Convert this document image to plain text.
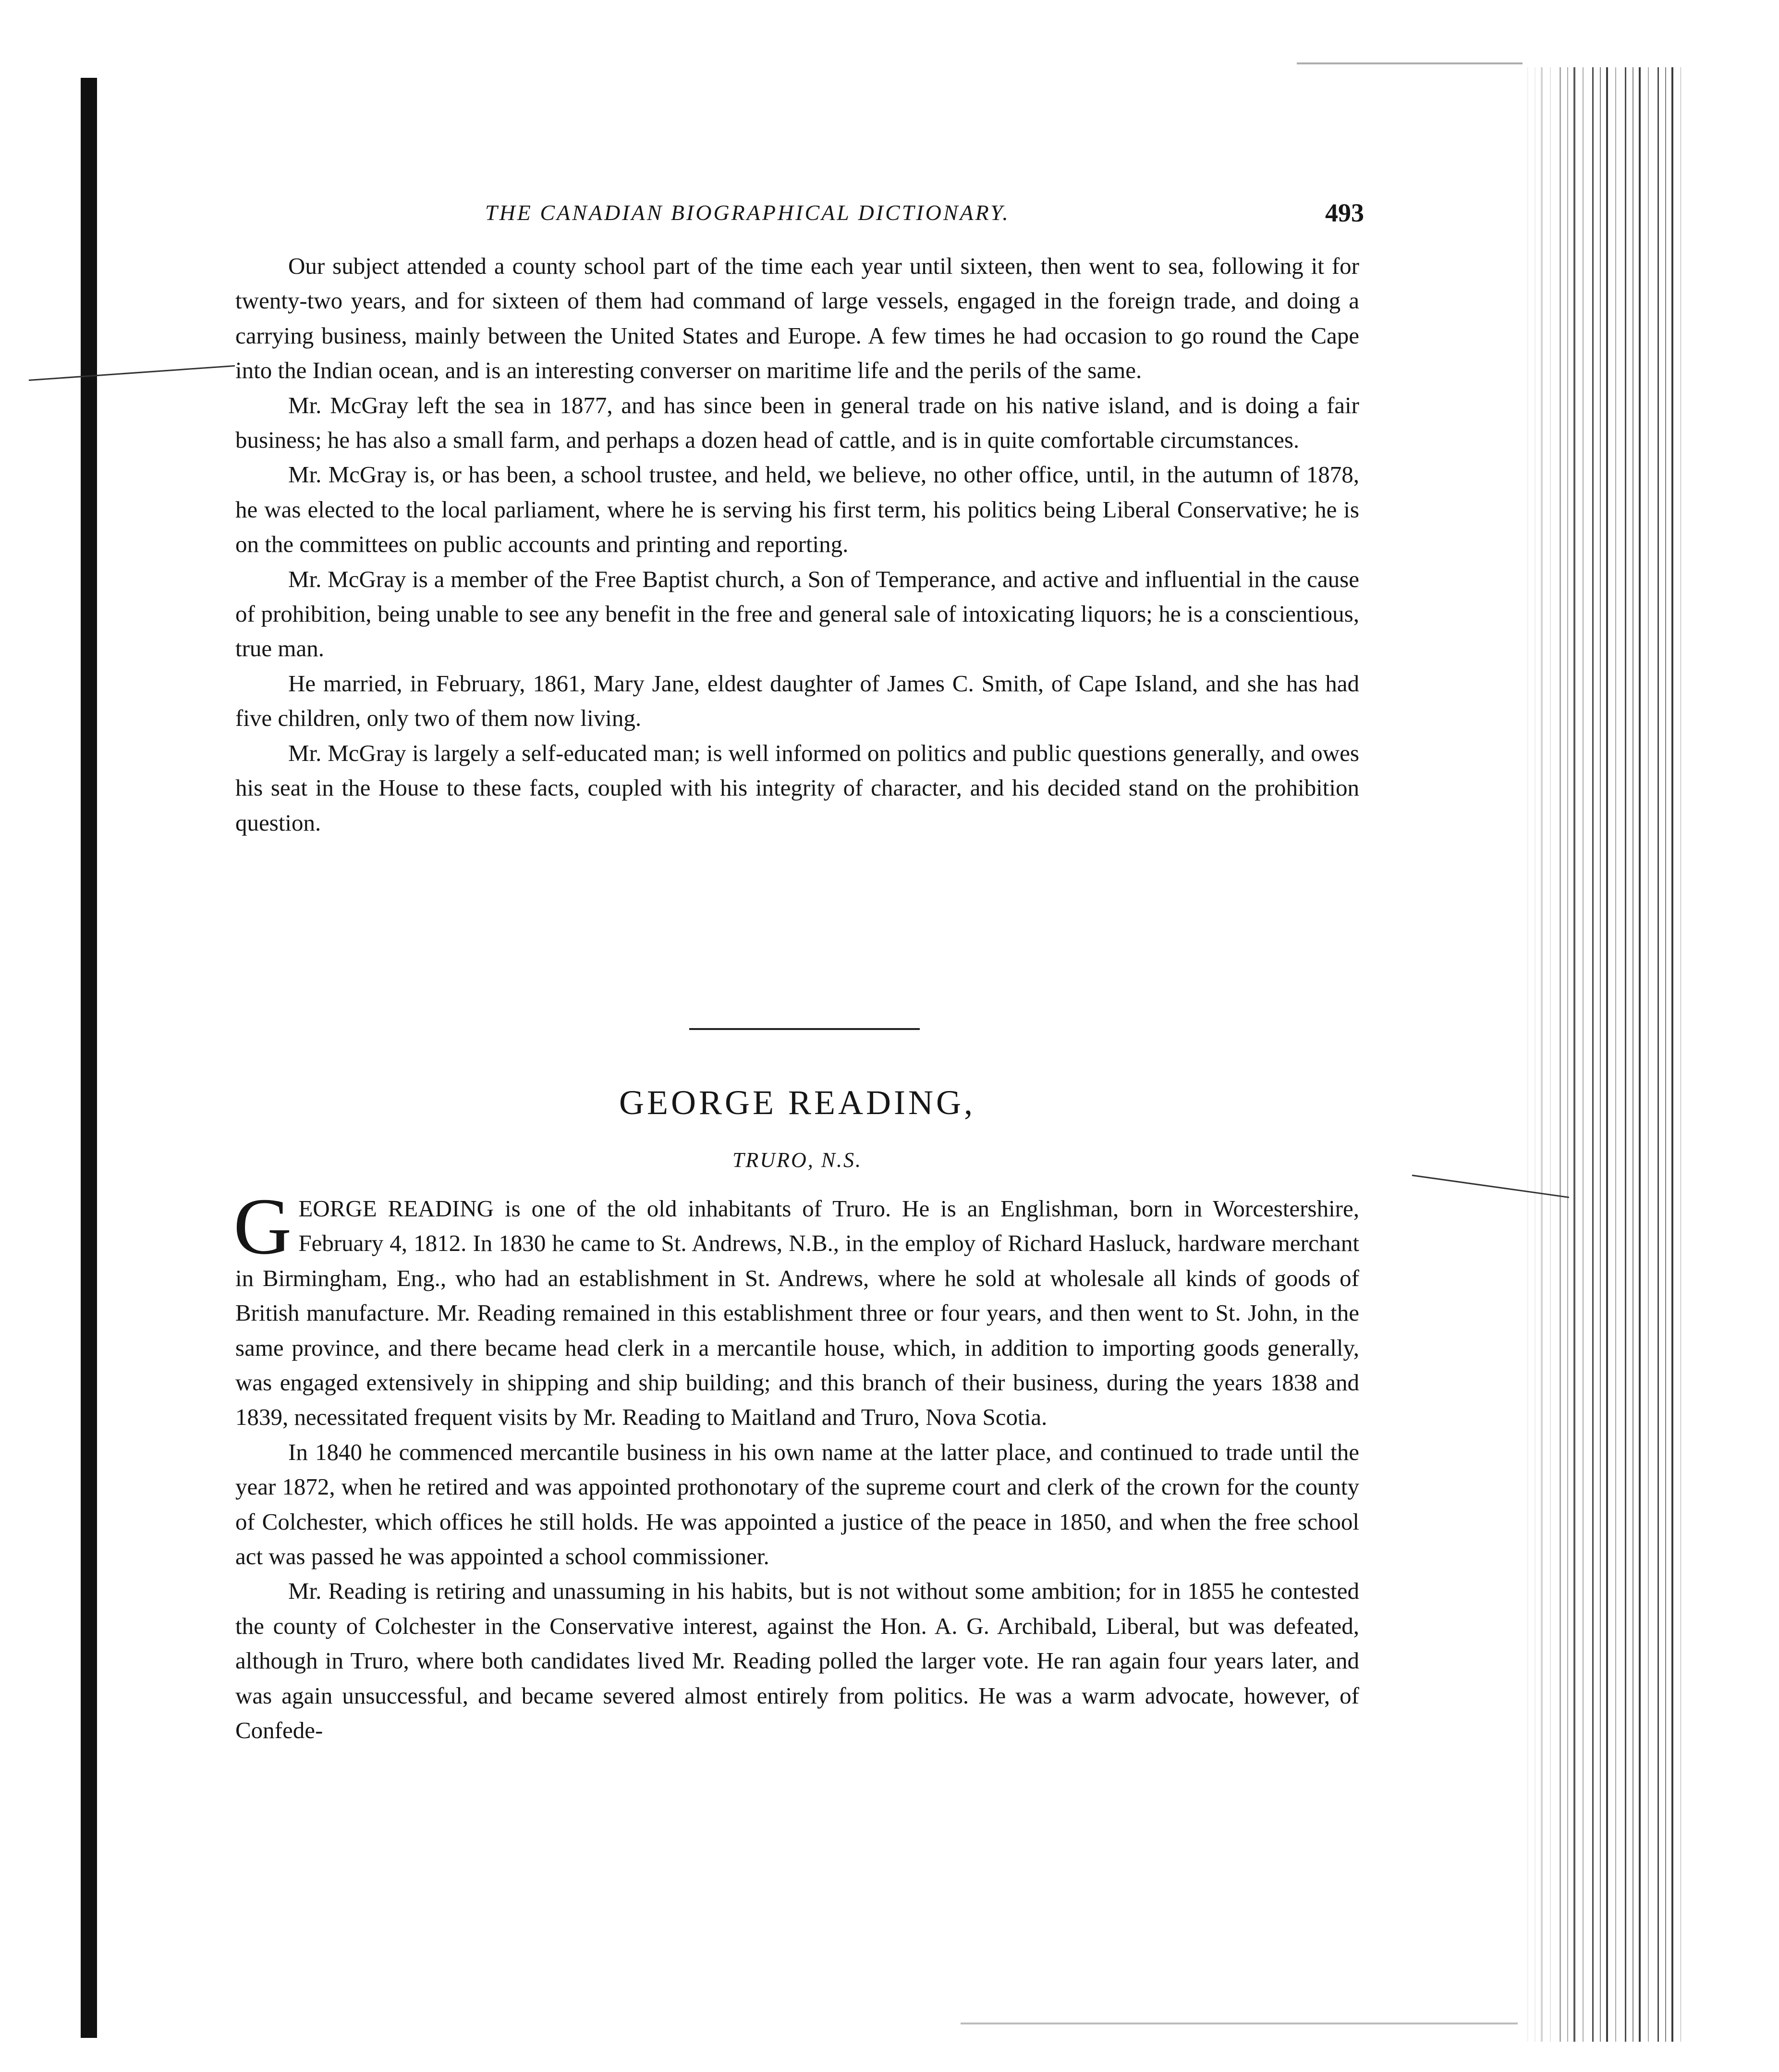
THE CANADIAN BIOGRAPHICAL DICTIONARY.	493

Our subject attended a county school part of the time each year until sixteen, then went to sea, following it for twenty-two years, and for sixteen of them had command of large vessels, engaged in the foreign trade, and doing a carrying business, mainly between the United States and Europe. A few times he had occasion to go round the Cape into the Indian ocean, and is an interesting converser on maritime life and the perils of the same.

Mr. McGray left the sea in 1877, and has since been in general trade on his native island, and is doing a fair business; he has also a small farm, and perhaps a dozen head of cattle, and is in quite comfortable circumstances.

Mr. McGray is, or has been, a school trustee, and held, we believe, no other office, until, in the autumn of 1878, he was elected to the local parliament, where he is serving his first term, his politics being Liberal Conservative; he is on the committees on public accounts and printing and reporting.

Mr. McGray is a member of the Free Baptist church, a Son of Temperance, and active and influential in the cause of prohibition, being unable to see any benefit in the free and general sale of intoxicating liquors; he is a conscientious, true man.

He married, in February, 1861, Mary Jane, eldest daughter of James C. Smith, of Cape Island, and she has had five children, only two of them now living.

Mr. McGray is largely a self-educated man; is well informed on politics and public questions generally, and owes his seat in the House to these facts, coupled with his integrity of character, and his decided stand on the prohibition question.

GEORGE READING,
TRURO, N.S.

GEORGE READING is one of the old inhabitants of Truro. He is an Englishman, born in Worcestershire, February 4, 1812. In 1830 he came to St. Andrews, N.B., in the employ of Richard Hasluck, hardware merchant in Birmingham, Eng., who had an establishment in St. Andrews, where he sold at wholesale all kinds of goods of British manufacture. Mr. Reading remained in this establishment three or four years, and then went to St. John, in the same province, and there became head clerk in a mercantile house, which, in addition to importing goods generally, was engaged extensively in shipping and ship building; and this branch of their business, during the years 1838 and 1839, necessitated frequent visits by Mr. Reading to Maitland and Truro, Nova Scotia.

In 1840 he commenced mercantile business in his own name at the latter place, and continued to trade until the year 1872, when he retired and was appointed prothonotary of the supreme court and clerk of the crown for the county of Colchester, which offices he still holds. He was appointed a justice of the peace in 1850, and when the free school act was passed he was appointed a school commissioner.

Mr. Reading is retiring and unassuming in his habits, but is not without some ambition; for in 1855 he contested the county of Colchester in the Conservative interest, against the Hon. A. G. Archibald, Liberal, but was defeated, although in Truro, where both candidates lived Mr. Reading polled the larger vote. He ran again four years later, and was again unsuccessful, and became severed almost entirely from politics. He was a warm advocate, however, of Confede-
